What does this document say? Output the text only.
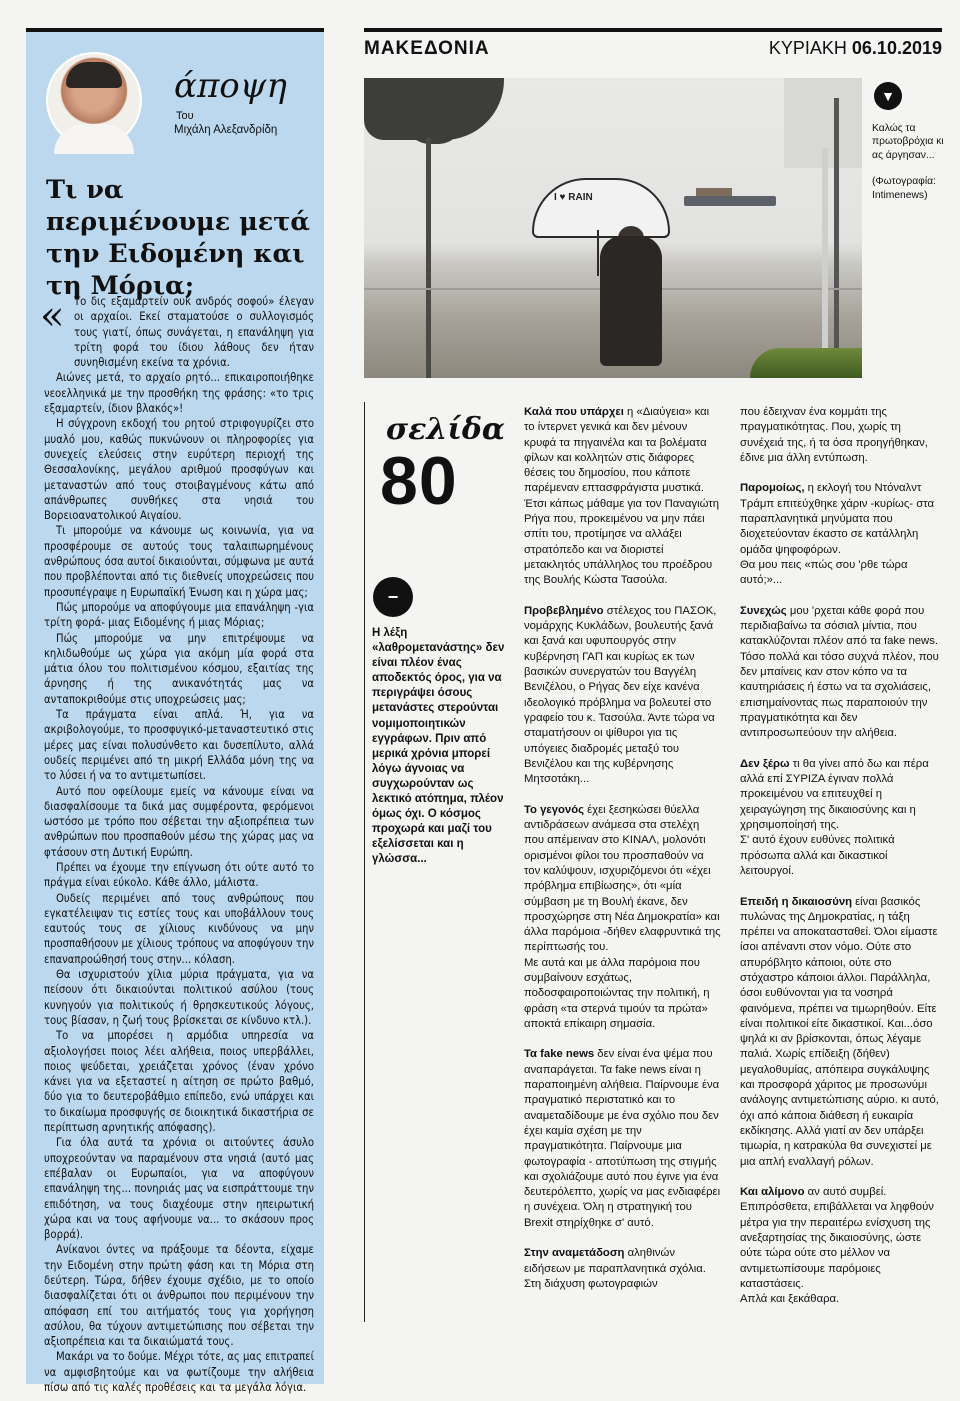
άποψη
Του
Μιχάλη Αλεξανδρίδη
Τι να περιμένουμε μετά την Ειδομένη και τη Μόρια;
« Το δις εξαμαρτείν ουκ ανδρός σοφού» έλεγαν οι αρχαίοι. Εκεί σταματούσε ο συλλογισμός τους γιατί, όπως συνάγεται, η επανάληψη για τρίτη φορά του ίδιου λάθους δεν ήταν συνηθισμένη εκείνα τα χρόνια.

Αιώνες μετά, το αρχαίο ρητό... επικαιροποιήθηκε νεοελληνικά με την προσθήκη της φράσης: «το τρις εξαμαρτείν, ίδιον βλακός»!

Η σύγχρονη εκδοχή του ρητού στριφογυρίζει στο μυαλό μου, καθώς πυκνώνουν οι πληροφορίες για συνεχείς ελεύσεις στην ευρύτερη περιοχή της Θεσσαλονίκης, μεγάλου αριθμού προσφύγων και μεταναστών από τους στοιβαγμένους κάτω από απάνθρωπες συνθήκες στα νησιά του Βορειοανατολικού Αιγαίου.

Τι μπορούμε να κάνουμε ως κοινωνία, για να προσφέρουμε σε αυτούς τους ταλαιπωρημένους ανθρώπους όσα αυτοί δικαιούνται, σύμφωνα με αυτά που προβλέπονται από τις διεθνείς υποχρεώσεις που προσυπέγραψε η Ευρωπαϊκή Ένωση και η χώρα μας;

Πώς μπορούμε να αποφύγουμε μια επανάληψη -για τρίτη φορά- μιας Ειδομένης ή μιας Μόριας;

Πώς μπορούμε να μην επιτρέψουμε να κηλιδωθούμε ως χώρα για ακόμη μία φορά στα μάτια όλου του πολιτισμένου κόσμου, εξαιτίας της άρνησης ή της ανικανότητάς μας να ανταποκριθούμε στις υποχρεώσεις μας;

Τα πράγματα είναι απλά. Ή, για να ακριβολογούμε, το προσφυγικό-μεταναστευτικό στις μέρες μας είναι πολυσύνθετο και δυσεπίλυτο, αλλά ουδείς περιμένει από τη μικρή Ελλάδα μόνη της να το λύσει ή να το αντιμετωπίσει.

Αυτό που οφείλουμε εμείς να κάνουμε είναι να διασφαλίσουμε τα δικά μας συμφέροντα, φερόμενοι ωστόσο με τρόπο που σέβεται την αξιοπρέπεια των ανθρώπων που προσπαθούν μέσω της χώρας μας να φτάσουν στη Δυτική Ευρώπη.

Πρέπει να έχουμε την επίγνωση ότι ούτε αυτό το πράγμα είναι εύκολο. Κάθε άλλο, μάλιστα.

Ουδείς περιμένει από τους ανθρώπους που εγκατέλειψαν τις εστίες τους και υποβάλλουν τους εαυτούς τους σε χίλιους κινδύνους να μην προσπαθήσουν με χίλιους τρόπους να αποφύγουν την επαναπροώθησή τους στην... κόλαση.

Θα ισχυριστούν χίλια μύρια πράγματα, για να πείσουν ότι δικαιούνται πολιτικού ασύλου (τους κυνηγούν για πολιτικούς ή θρησκευτικούς λόγους, τους βίασαν, η ζωή τους βρίσκεται σε κίνδυνο κτλ.).

Το να μπορέσει η αρμόδια υπηρεσία να αξιολογήσει ποιος λέει αλήθεια, ποιος υπερβάλλει, ποιος ψεύδεται, χρειάζεται χρόνος (έναν χρόνο κάνει για να εξεταστεί η αίτηση σε πρώτο βαθμό, δύο για το δευτεροβάθμιο επίπεδο, ενώ υπάρχει και το δικαίωμα προσφυγής σε διοικητικά δικαστήρια σε περίπτωση αρνητικής απόφασης).

Για όλα αυτά τα χρόνια οι αιτούντες άσυλο υποχρεούνταν να παραμένουν στα νησιά (αυτό μας επέβαλαν οι Ευρωπαίοι, για να αποφύγουν επανάληψη της... πονηριάς μας να εισπράττουμε την επιδότηση, να τους διαχέουμε στην ηπειρωτική χώρα και να τους αφήνουμε να... το σκάσουν προς βορρά).

Ανίκανοι όντες να πράξουμε τα δέοντα, είχαμε την Ειδομένη στην πρώτη φάση και τη Μόρια στη δεύτερη. Τώρα, δήθεν έχουμε σχέδιο, με το οποίο διασφαλίζεται ότι οι άνθρωποι που περιμένουν την απόφαση επί του αιτήματός τους για χορήγηση ασύλου, θα τύχουν αντιμετώπισης που σέβεται την αξιοπρέπεια και τα δικαιώματά τους.

Μακάρι να το δούμε. Μέχρι τότε, ας μας επιτραπεί να αμφισβητούμε και να φωτίζουμε την αλήθεια πίσω από τις καλές προθέσεις και τα μεγάλα λόγια.

ΜΑΚΕΔΟΝΙΑ	ΚΥΡΙΑΚΗ 06.10.2019
I ♥ RAIN
▼

Καλώς τα πρωτοβρόχια κι ας άργησαν...

(Φωτογραφία: Intimenews)

σελίδα
80
−
Η λέξη «λαθρομετανάστης» δεν είναι πλέον ένας αποδεκτός όρος, για να περιγράψει όσους μετανάστες στερούνται νομιμοποιητικών εγγράφων. Πριν από μερικά χρόνια μπορεί λόγω άγνοιας να συγχωρούνταν ως λεκτικό ατόπημα, πλέον όμως όχι. Ο κόσμος προχωρά και μαζί του εξελίσσεται και η γλώσσα...

Καλά που υπάρχει η «Διαύγεια» και το ίντερνετ γενικά και δεν μένουν κρυφά τα πηγαινέλα και τα βολέματα φίλων και κολλητών στις διάφορες θέσεις του δημοσίου, που κάποτε παρέμεναν επτασφράγιστα μυστικά. Έτσι κάπως μάθαμε για τον Παναγιώτη Ρήγα που, προκειμένου να μην πάει σπίτι του, προτίμησε να αλλάξει στρατόπεδο και να διοριστεί μετακλητός υπάλληλος του προέδρου της Βουλής Κώστα Τασούλα.

Προβεβλημένο στέλεχος του ΠΑΣΟΚ, νομάρχης Κυκλάδων, βουλευτής ξανά και ξανά και υφυπουργός στην κυβέρνηση ΓΑΠ και κυρίως εκ των βασικών συνεργατών του Βαγγέλη Βενιζέλου, ο Ρήγας δεν είχε κανένα ιδεολογικό πρόβλημα να βολευτεί στο γραφείο του κ. Τασούλα. Άντε τώρα να σταματήσουν οι ψίθυροι για τις υπόγειες διαδρομές μεταξύ του Βενιζέλου και της κυβέρνησης Μητσοτάκη...

Το γεγονός έχει ξεσηκώσει θύελλα αντιδράσεων ανάμεσα στα στελέχη που απέμειναν στο ΚΙΝΑΛ, μολονότι ορισμένοι φίλοι του προσπαθούν να τον καλύψουν, ισχυριζόμενοι ότι «έχει πρόβλημα επιβίωσης», ότι «μία σύμβαση με τη Βουλή έκανε, δεν προσχώρησε στη Νέα Δημοκρατία» και άλλα παρόμοια -δήθεν ελαφρυντικά της περίπτωσής του.
Με αυτά και με άλλα παρόμοια που συμβαίνουν εσχάτως, ποδοσφαιροποιώντας την πολιτική, η φράση «τα στερνά τιμούν τα πρώτα» αποκτά επίκαιρη σημασία.

Τα fake news δεν είναι ένα ψέμα που αναπαράγεται. Τα fake news είναι η παραποιημένη αλήθεια. Παίρνουμε ένα πραγματικό περιστατικό και το αναμεταδίδουμε με ένα σχόλιο που δεν έχει καμία σχέση με την πραγματικότητα. Παίρνουμε μια φωτογραφία - αποτύπωση της στιγμής και σχολιάζουμε αυτό που έγινε για ένα δευτερόλεπτο, χωρίς να μας ενδιαφέρει η συνέχεια. Όλη η στρατηγική του Brexit στηρίχθηκε σ' αυτό.

Στην αναμετάδοση αληθινών ειδήσεων με παραπλανητικά σχόλια. Στη διάχυση φωτογραφιών

που έδειχναν ένα κομμάτι της πραγματικότητας. Που, χωρίς τη συνέχειά της, ή τα όσα προηγήθηκαν, έδινε μια άλλη εντύπωση.

Παρομοίως, η εκλογή του Ντόναλντ Τράμπ επιτεύχθηκε χάριν -κυρίως- στα παραπλανητικά μηνύματα που διοχετεύονταν έκαστο σε κατάλληλη ομάδα ψηφοφόρων.
Θα μου πεις «πώς σου 'ρθε τώρα αυτό;»...

Συνεχώς μου 'ρχεται κάθε φορά που περιδιαβαίνω τα σόσιαλ μίντια, που κατακλύζονται πλέον από τα fake news.
Τόσο πολλά και τόσο συχνά πλέον, που δεν μπαίνεις καν στον κόπο να τα καυτηριάσεις ή έστω να τα σχολιάσεις, επισημαίνοντας πως παραποιούν την πραγματικότητα και δεν αντιπροσωπεύουν την αλήθεια.

Δεν ξέρω τι θα γίνει από δω και πέρα αλλά επί ΣΥΡΙΖΑ έγιναν πολλά προκειμένου να επιτευχθεί η χειραγώγηση της δικαιοσύνης και η χρησιμοποίησή της.
Σ' αυτό έχουν ευθύνες πολιτικά πρόσωπα αλλά και δικαστικοί λειτουργοί.

Επειδή η δικαιοσύνη είναι βασικός πυλώνας της Δημοκρατίας, η τάξη πρέπει να αποκατασταθεί. Όλοι είμαστε ίσοι απέναντι στον νόμο. Ούτε στο απυρόβλητο κάποιοι, ούτε στο στόχαστρο κάποιοι άλλοι. Παράλληλα, όσοι ευθύνονται για τα νοσηρά φαινόμενα, πρέπει να τιμωρηθούν. Είτε είναι πολιτικοί είτε δικαστικοί. Και...όσο ψηλά κι αν βρίσκονται, όπως λέγαμε παλιά. Χωρίς επίδειξη (δήθεν) μεγαλοθυμίας, απόπειρα συγκάλυψης και προσφορά χάριτος με προσωνύμι ανάλογης αντιμετώπισης αύριο. κι αυτό, όχι από κάποια διάθεση ή ευκαιρία εκδίκησης. Αλλά γιατί αν δεν υπάρξει τιμωρία, η κατρακύλα θα συνεχιστεί με μια απλή εναλλαγή ρόλων.

Και αλίμονο αν αυτό συμβεί.
Επιπρόσθετα, επιβάλλεται να ληφθούν μέτρα για την περαιτέρω ενίσχυση της ανεξαρτησίας της δικαιοσύνης, ώστε ούτε τώρα ούτε στο μέλλον να αντιμετωπίσουμε παρόμοιες καταστάσεις.
Απλά και ξεκάθαρα.
